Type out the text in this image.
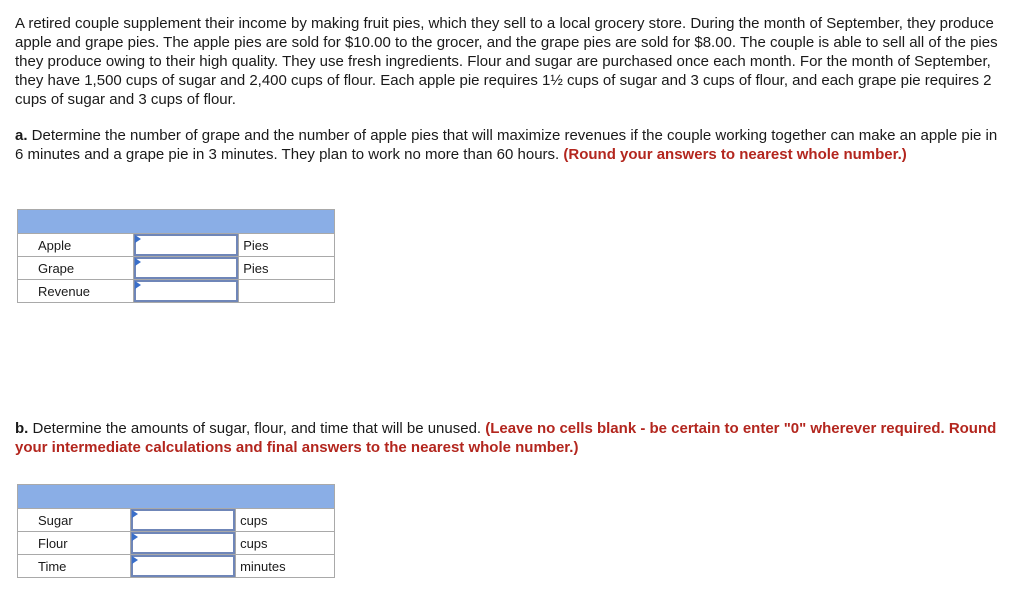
A retired couple supplement their income by making fruit pies, which they sell to a local grocery store. During the month of September, they produce apple and grape pies. The apple pies are sold for $10.00 to the grocer, and the grape pies are sold for $8.00. The couple is able to sell all of the pies they produce owing to their high quality. They use fresh ingredients. Flour and sugar are purchased once each month. For the month of September, they have 1,500 cups of sugar and 2,400 cups of flour. Each apple pie requires 1½ cups of sugar and 3 cups of flour, and each grape pie requires 2 cups of sugar and 3 cups of flour.

a. Determine the number of grape and the number of apple pies that will maximize revenues if the couple working together can make an apple pie in 6 minutes and a grape pie in 3 minutes. They plan to work no more than 60 hours. (Round your answers to nearest whole number.)

Apple		Pies
Grape		Pies
Revenue	

b. Determine the amounts of sugar, flour, and time that will be unused. (Leave no cells blank - be certain to enter "0" wherever required. Round your intermediate calculations and final answers to the nearest whole number.)

Sugar		cups
Flour		cups
Time		minutes
